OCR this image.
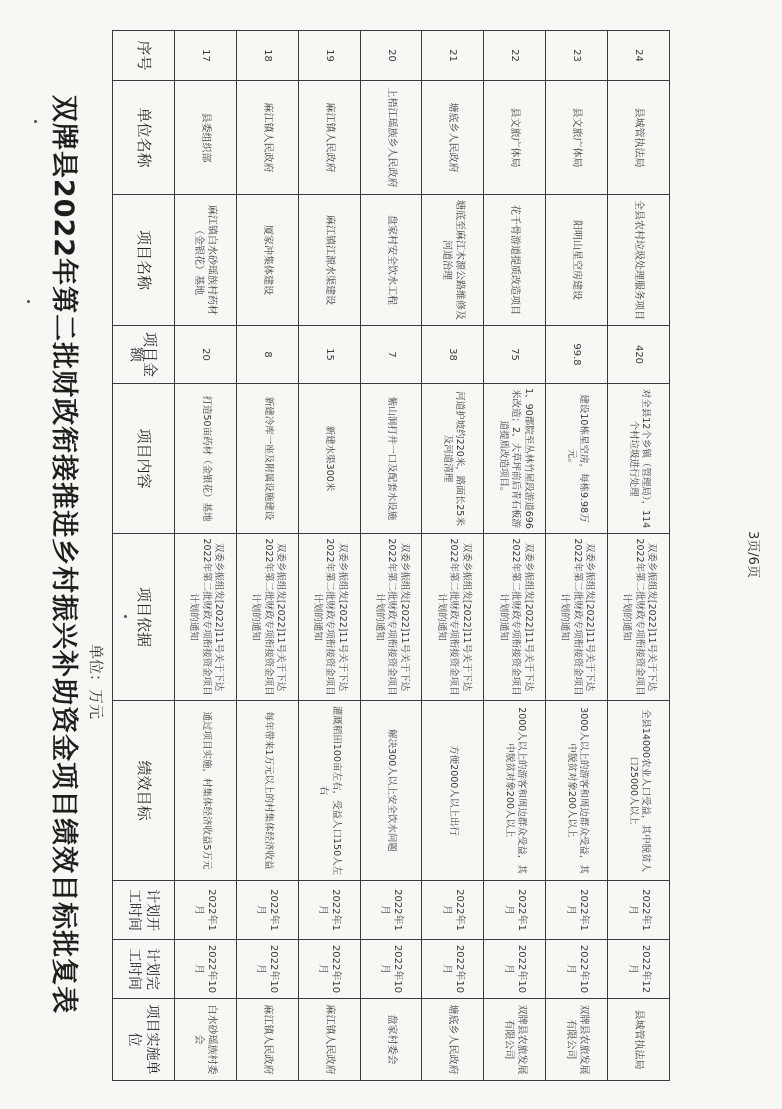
双牌县2022年第二批财政衔接推进乡村振兴补助资金项目绩效目标批复表 单位：万元
24	县城管执法局	全县农村垃圾处理服务项目	420	对全县12个乡镇（管理局），114个村垃圾进行处理	双委乡振组发[2022]11号关于下达2022年第二批财政专项衔接资金项目计划的通知	全县14000农业人口受益，其中脱贫人口25000人以上	2022年1月	2022年12月	县城管执法局
23	县文旅广体局	阳明山星空房建设	99.8	建设10栋星空房，每栋9.98万元。	双委乡振组发[2022]11号关于下达2022年第二批财政专项衔接资金项目计划的通知	3000人以上的游客和周边群众受益，其中脱贫对象200人以上	2022年1月	2022年10月	双牌县农旅发展有限公司
22	县文旅广体局	花千骨游道提质改造项目	75	1、90郡院至丛林竹屋段游道696米改造；2、大草坪前后青石板游道提质改造项目。	双委乡振组发[2022]11号关于下达2022年第二批财政专项衔接资金项目计划的通知	2000人以上的游客和周边群众受益，其中脱贫对象200人以上	2022年1月	2022年10月	双牌县农旅发展有限公司
21	塘底乡人民政府	塘底至麻江木源公路维修及河道治理	38	河道护坡约220米，路面长25米及河道清理	双委乡振组发[2022]11号关于下达2022年第二批财政专项衔接资金项目计划的通知	方便2000人以上出行	2022年1月	2022年10月	塘底乡人民政府
20	上梧江瑶族乡人民政府	盘家村安全饮水工程	7	紫山洞打井一口及配套水设施	双委乡振组发[2022]11号关于下达2022年第二批财政专项衔接资金项目计划的通知	解决300人以上安全饮水问题	2022年1月	2022年10月	盘家村委会
19	麻江镇人民政府	麻江镇江源水渠建设	15	新建水渠300米	双委乡振组发[2022]11号关于下达2022年第二批财政专项衔接资金项目计划的通知	灌溉稻田100亩左右，受益人口150人左右	2022年1月	2022年10月	麻江镇人民政府
18	麻江镇人民政府	厦家冲集体建设	8	新建冷库一座及附属设施建设	双委乡振组发[2022]11号关于下达2022年第二批财政专项衔接资金项目计划的通知	每年带来1万元以上的村集体经济收益	2022年1月	2022年10月	麻江镇人民政府
17	县委组织部	麻江镇白水砂瑶族村药材（金银花）基地	20	打造50亩药材（金银花）基地	双委乡振组发[2022]11号关于下达2022年第二批财政专项衔接资金项目计划的通知	通过项目实施，村集体经济收益5万元	2022年1月	2022年10月	白水砂瑶族村委会
序号	单位名称	项目名称	项目金额	项目内容	项目依据	绩效目标	计划开工时间	计划完工时间	项目实施单位
3页/6页
